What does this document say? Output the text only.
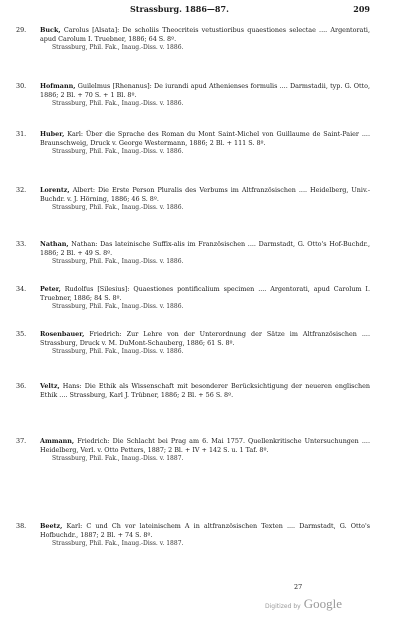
Strassburg. 1886—87.	209
29.	Buck, Carolus [Alsata]: De scholiis Theocriteis vetustioribus quaestiones selectae .... Argentorati, apud Carolum I. Truebner, 1886; 64 S. 8º.
Strassburg, Phil. Fak., Inaug.-Diss. v. 1886.
30.	Hofmann, Guilelmus [Rhenanus]: De iurandi apud Athenienses formulis .... Darmstadii, typ. G. Otto, 1886; 2 Bl. + 70 S. + 1 Bl. 8º.
Strassburg, Phil. Fak., Inaug.-Diss. v. 1886.
31.	Huber, Karl: Über die Sprache des Roman du Mont Saint-Michel von Guillaume de Saint-Paier .... Braunschweig, Druck v. George Westermann, 1886; 2 Bl. + 111 S. 8º.
Strassburg, Phil. Fak., Inaug.-Diss. v. 1886.
32.	Lorentz, Albert: Die Erste Person Pluralis des Verbums im Altfranzösischen .... Heidelberg, Univ.-Buchdr. v. J. Hörning, 1886; 46 S. 8º.
Strassburg, Phil. Fak., Inaug.-Diss. v. 1886.
33.	Nathan, Nathan: Das lateinische Suffix-alis im Französischen .... Darmstadt, G. Otto's Hof-Buchdr., 1886; 2 Bl. + 49 S. 8º.
Strassburg, Phil. Fak., Inaug.-Diss. v. 1886.
34.	Peter, Rudolfus [Silesius]: Quaestiones pontificalium specimen .... Argentorati, apud Carolum I. Truebner, 1886; 84 S. 8º.
Strassburg, Phil. Fak., Inaug.-Diss. v. 1886.
35.	Rosenbauer, Friedrich: Zur Lehre von der Unterordnung der Sätze im Altfranzösischen .... Strassburg, Druck v. M. DuMont-Schauberg, 1886; 61 S. 8º.
Strassburg, Phil. Fak., Inaug.-Diss. v. 1886.
36.	Veltz, Hans: Die Ethik als Wissenschaft mit besonderer Berücksichtigung der neueren englischen Ethik .... Strassburg, Karl J. Trübner, 1886; 2 Bl. + 56 S. 8º.
37.	Ammann, Friedrich: Die Schlacht bei Prag am 6. Mai 1757. Quellenkritische Untersuchungen .... Heidelberg, Verl. v. Otto Petters, 1887; 2 Bl. + IV + 142 S. u. 1 Taf. 8º.
Strassburg, Phil. Fak., Inaug.-Diss. v. 1887.
38.	Beetz, Karl: C und Ch vor lateinischem A in altfranzösischen Texten .... Darmstadt, G. Otto's Hofbuchdr., 1887; 2 Bl. + 74 S. 8º.
Strassburg, Phil. Fak., Inaug.-Diss. v. 1887.
27
Digitized by Google
